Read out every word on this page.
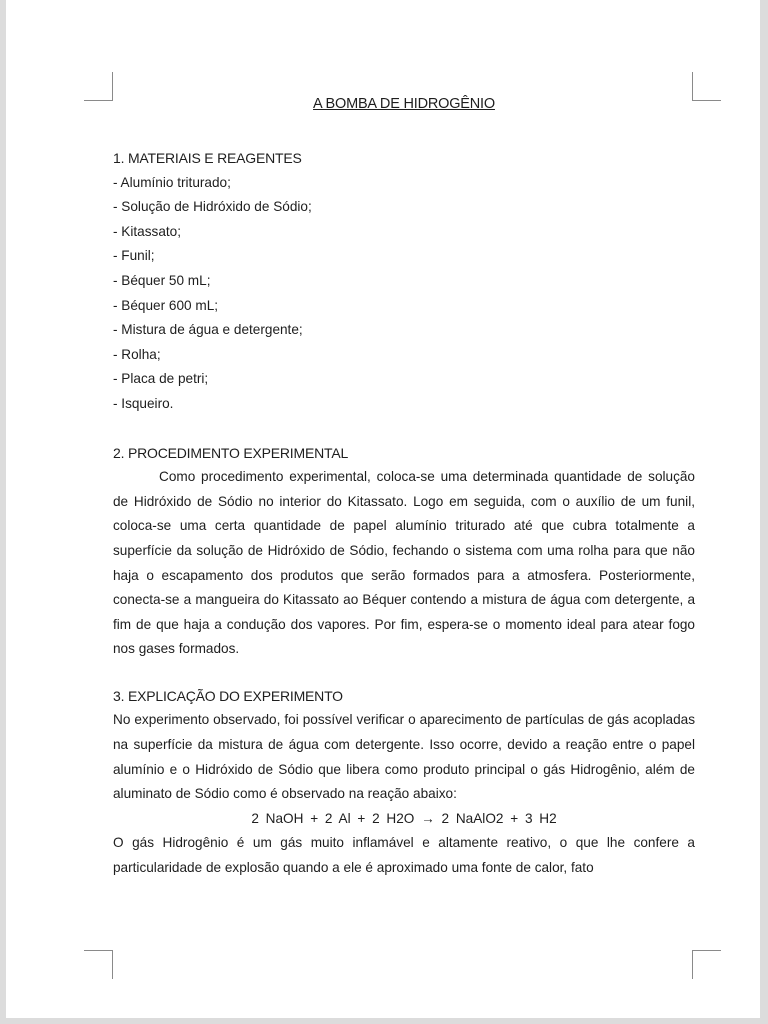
A BOMBA DE HIDROGÊNIO

1. MATERIAIS E REAGENTES

- Alumínio triturado;
- Solução de Hidróxido de Sódio;
- Kitassato;
- Funil;
- Béquer 50 mL;
- Béquer 600 mL;
- Mistura de água e detergente;
- Rolha;
- Placa de petri;
- Isqueiro.

2. PROCEDIMENTO EXPERIMENTAL

Como procedimento experimental, coloca-se uma determinada quantidade de solução de Hidróxido de Sódio no interior do Kitassato. Logo em seguida, com o auxílio de um funil, coloca-se uma certa quantidade de papel alumínio triturado até que cubra totalmente a superfície da solução de Hidróxido de Sódio, fechando o sistema com uma rolha para que não haja o escapamento dos produtos que serão formados para a atmosfera. Posteriormente, conecta-se a mangueira do Kitassato ao Béquer contendo a mistura de água com detergente, a fim de que haja a condução dos vapores. Por fim, espera-se o momento ideal para atear fogo nos gases formados.

3. EXPLICAÇÃO DO EXPERIMENTO

No experimento observado, foi possível verificar o aparecimento de partículas de gás acopladas na superfície da mistura de água com detergente. Isso ocorre, devido a reação entre o papel alumínio e o Hidróxido de Sódio que libera como produto principal o gás Hidrogênio, além de aluminato de Sódio como é observado na reação abaixo:

2 NaOH + 2 Al + 2 H2O → 2 NaAlO2 + 3 H2

O gás Hidrogênio é um gás muito inflamável e altamente reativo, o que lhe confere a particularidade de explosão quando a ele é aproximado uma fonte de calor, fato
